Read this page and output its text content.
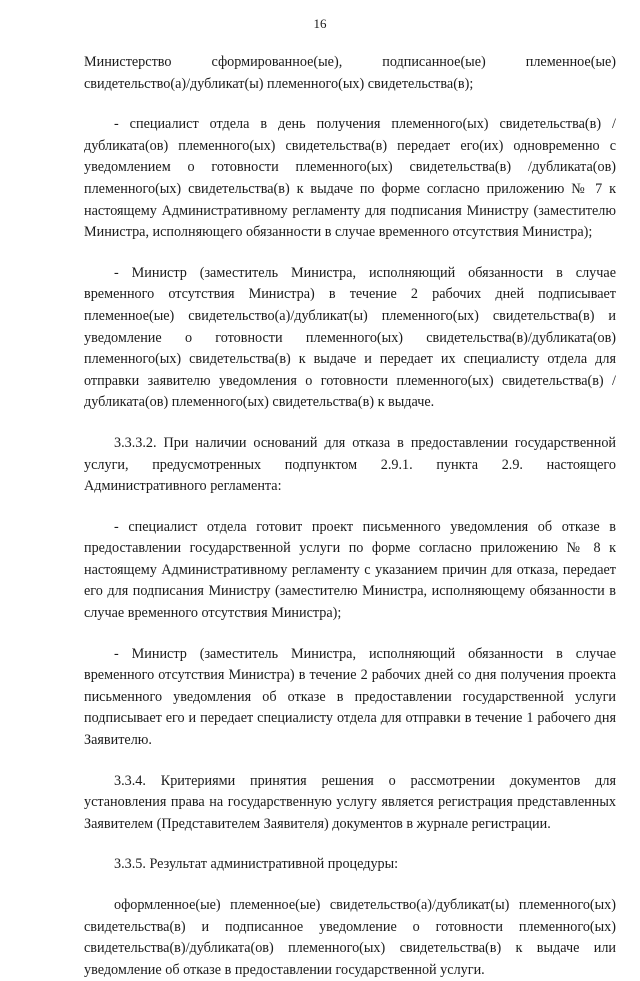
16

Министерство сформированное(ые), подписанное(ые) племенное(ые) свидетельство(а)/дубликат(ы) племенного(ых) свидетельства(в);

- специалист отдела в день получения племенного(ых) свидетельства(в) /дубликата(ов) племенного(ых) свидетельства(в) передает его(их) одновременно с уведомлением о готовности племенного(ых) свидетельства(в) /дубликата(ов) племенного(ых) свидетельства(в) к выдаче по форме согласно приложению № 7 к настоящему Административному регламенту для подписания Министру (заместителю Министра, исполняющего обязанности в случае временного отсутствия Министра);

- Министр (заместитель Министра, исполняющий обязанности в случае временного отсутствия Министра) в течение 2 рабочих дней подписывает племенное(ые) свидетельство(а)/дубликат(ы) племенного(ых) свидетельства(в) и уведомление о готовности племенного(ых) свидетельства(в)/дубликата(ов) племенного(ых) свидетельства(в) к выдаче и передает их специалисту отдела для отправки заявителю уведомления о готовности племенного(ых) свидетельства(в) /дубликата(ов) племенного(ых) свидетельства(в) к выдаче.

3.3.3.2. При наличии оснований для отказа в предоставлении государственной услуги, предусмотренных подпунктом 2.9.1. пункта 2.9. настоящего Административного регламента:

- специалист отдела готовит проект письменного уведомления об отказе в предоставлении государственной услуги по форме согласно приложению № 8 к настоящему Административному регламенту с указанием причин для отказа, передает его для подписания Министру (заместителю Министра, исполняющему обязанности в случае временного отсутствия Министра);

- Министр (заместитель Министра, исполняющий обязанности в случае временного отсутствия Министра) в течение 2 рабочих дней со дня получения проекта письменного уведомления об отказе в предоставлении государственной услуги подписывает его и передает специалисту отдела для отправки в течение 1 рабочего дня Заявителю.

3.3.4. Критериями принятия решения о рассмотрении документов для установления права на государственную услугу является регистрация представленных Заявителем (Представителем Заявителя) документов в журнале регистрации.

3.3.5. Результат административной процедуры:

оформленное(ые) племенное(ые) свидетельство(а)/дубликат(ы) племенного(ых) свидетельства(в) и подписанное уведомление о готовности племенного(ых) свидетельства(в)/дубликата(ов) племенного(ых) свидетельства(в) к выдаче или уведомление об отказе в предоставлении государственной услуги.
